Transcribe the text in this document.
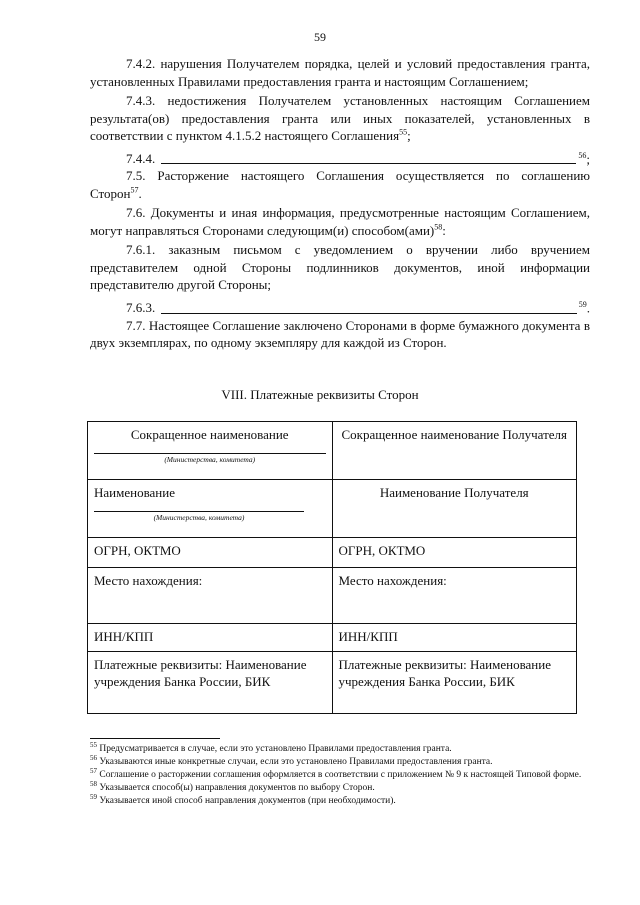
59

7.4.2. нарушения Получателем порядка, целей и условий предоставления гранта, установленных Правилами предоставления гранта и настоящим Соглашением;

7.4.3. недостижения Получателем установленных настоящим Соглашением результата(ов) предоставления гранта или иных показателей, установленных в соответствии с пунктом 4.1.5.2 настоящего Соглашения$^{55}$;

7.4.4.	$^{56}$;

7.5. Расторжение настоящего Соглашения осуществляется по соглашению Сторон$^{57}$.

7.6. Документы и иная информация, предусмотренные настоящим Соглашением, могут направляться Сторонами следующим(и) способом(ами)$^{58}$:

7.6.1. заказным письмом с уведомлением о вручении либо вручением представителем одной Стороны подлинников документов, иной информации представителю другой Стороны;

7.6.3.	$^{59}$.

7.7. Настоящее Соглашение заключено Сторонами в форме бумажного документа в двух экземплярах, по одному экземпляру для каждой из Сторон.

VIII. Платежные реквизиты Сторон
Сокращенное наименование
(Министерства, комитета)	Сокращенное наименование Получателя

Наименование
(Министерства, комитета)	Наименование Получателя

ОГРН, ОКТМО	ОГРН, ОКТМО
Место нахождения:	Место нахождения:
ИНН/КПП	ИНН/КПП
Платежные реквизиты: Наименование учреждения Банка России, БИК	Платежные реквизиты: Наименование учреждения Банка России, БИК

$^{55}$ Предусматривается в случае, если это установлено Правилами предоставления гранта.

$^{56}$ Указываются иные конкретные случаи, если это установлено Правилами предоставления гранта.

$^{57}$ Соглашение о расторжении соглашения оформляется в соответствии с приложением № 9 к настоящей Типовой форме.

$^{58}$ Указывается способ(ы) направления документов по выбору Сторон.

$^{59}$ Указывается иной способ направления документов (при необходимости).
